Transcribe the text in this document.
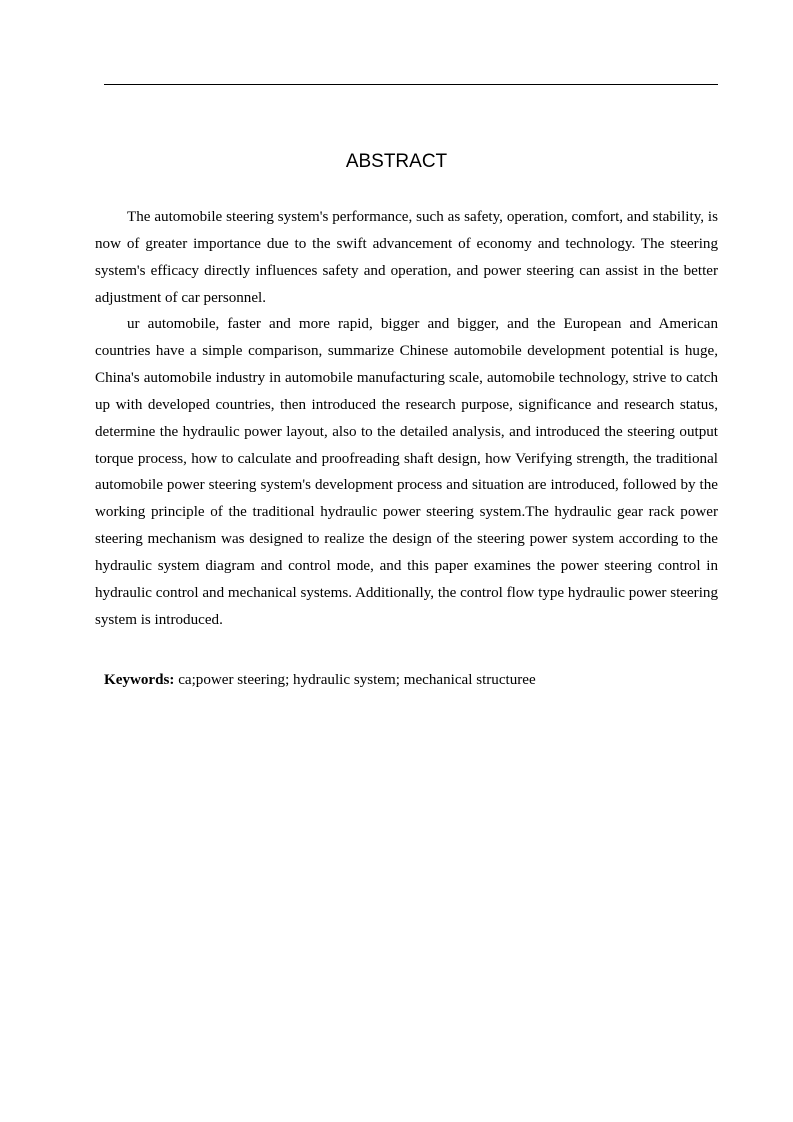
ABSTRACT

The automobile steering system's performance, such as safety, operation, comfort, and stability, is now of greater importance due to the swift advancement of economy and technology. The steering system's efficacy directly influences safety and operation, and power steering can assist in the better adjustment of car personnel.

ur automobile, faster and more rapid, bigger and bigger, and the European and American countries have a simple comparison, summarize Chinese automobile development potential is huge, China's automobile industry in automobile manufacturing scale, automobile technology, strive to catch up with developed countries, then introduced the research purpose, significance and research status, determine the hydraulic power layout, also to the detailed analysis, and introduced the steering output torque process, how to calculate and proofreading shaft design, how Verifying strength, the traditional automobile power steering system's development process and situation are introduced, followed by the working principle of the traditional hydraulic power steering system.The hydraulic gear rack power steering mechanism was designed to realize the design of the steering power system according to the hydraulic system diagram and control mode, and this paper examines the power steering control in hydraulic control and mechanical systems. Additionally, the control flow type hydraulic power steering system is introduced.

Keywords: ca;power steering; hydraulic system; mechanical structuree
